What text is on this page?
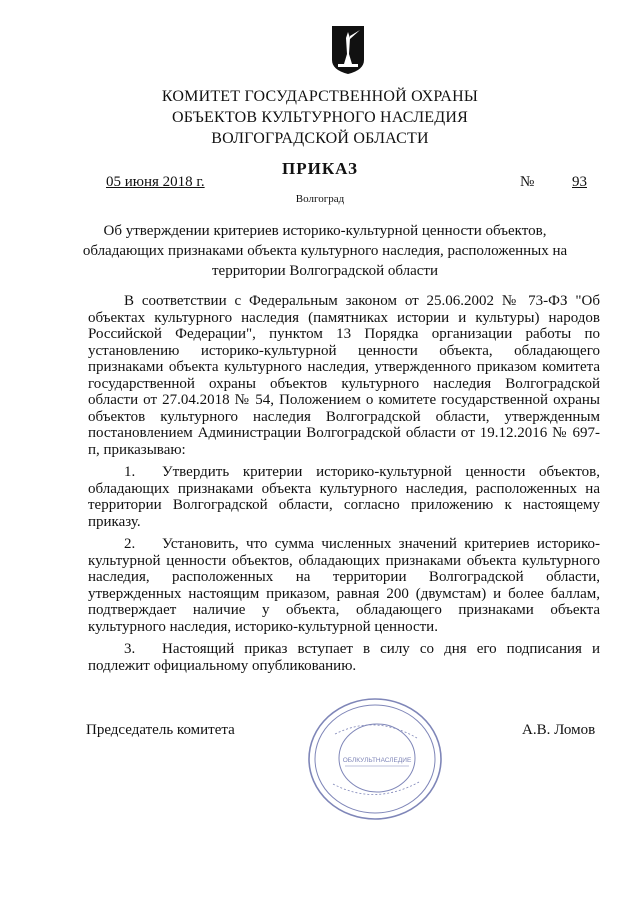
КОМИТЕТ ГОСУДАРСТВЕННОЙ ОХРАНЫ
ОБЪЕКТОВ КУЛЬТУРНОГО НАСЛЕДИЯ
ВОЛГОГРАДСКОЙ ОБЛАСТИ
ПРИКАЗ
05 июня 2018 г.	№	93
Волгоград
Об утверждении критериев историко-культурной ценности объектов, обладающих признаками объекта культурного наследия, расположенных на территории Волгоградской области

В соответствии с Федеральным законом от 25.06.2002 № 73-ФЗ "Об объектах культурного наследия (памятниках истории и культуры) народов Российской Федерации", пунктом 13 Порядка организации работы по установлению историко-культурной ценности объекта, обладающего признаками объекта культурного наследия, утвержденного приказом комитета государственной охраны объектов культурного наследия Волгоградской области от 27.04.2018 № 54, Положением о комитете государственной охраны объектов культурного наследия Волгоградской области, утвержденным постановлением Администрации Волгоградской области от 19.12.2016 № 697-п, приказываю:

1. Утвердить критерии историко-культурной ценности объектов, обладающих признаками объекта культурного наследия, расположенных на территории Волгоградской области, согласно приложению к настоящему приказу.

2. Установить, что сумма численных значений критериев историко-культурной ценности объектов, обладающих признаками объекта культурного наследия, расположенных на территории Волгоградской области, утвержденных настоящим приказом, равная 200 (двумстам) и более баллам, подтверждает наличие у объекта, обладающего признаками объекта культурного наследия, историко-культурной ценности.

3. Настоящий приказ вступает в силу со дня его подписания и подлежит официальному опубликованию.

Председатель комитета	А.В. Ломов
ОБЛКУЛЬТНАСЛЕДИЕ
